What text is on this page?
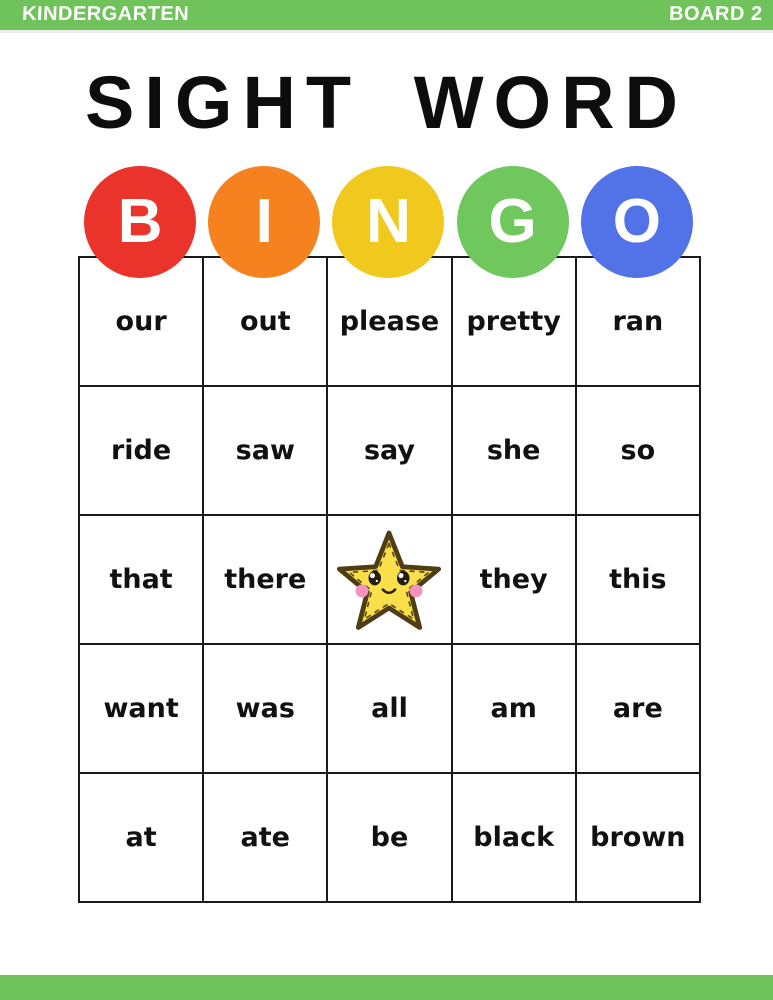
KINDERGARTEN	BOARD 2
SIGHT WORD
B	I	N	G	O
our	out	please	pretty	ran
ride	saw	say	she	so
that	there		they	this
want	was	all	am	are
at	ate	be	black	brown
